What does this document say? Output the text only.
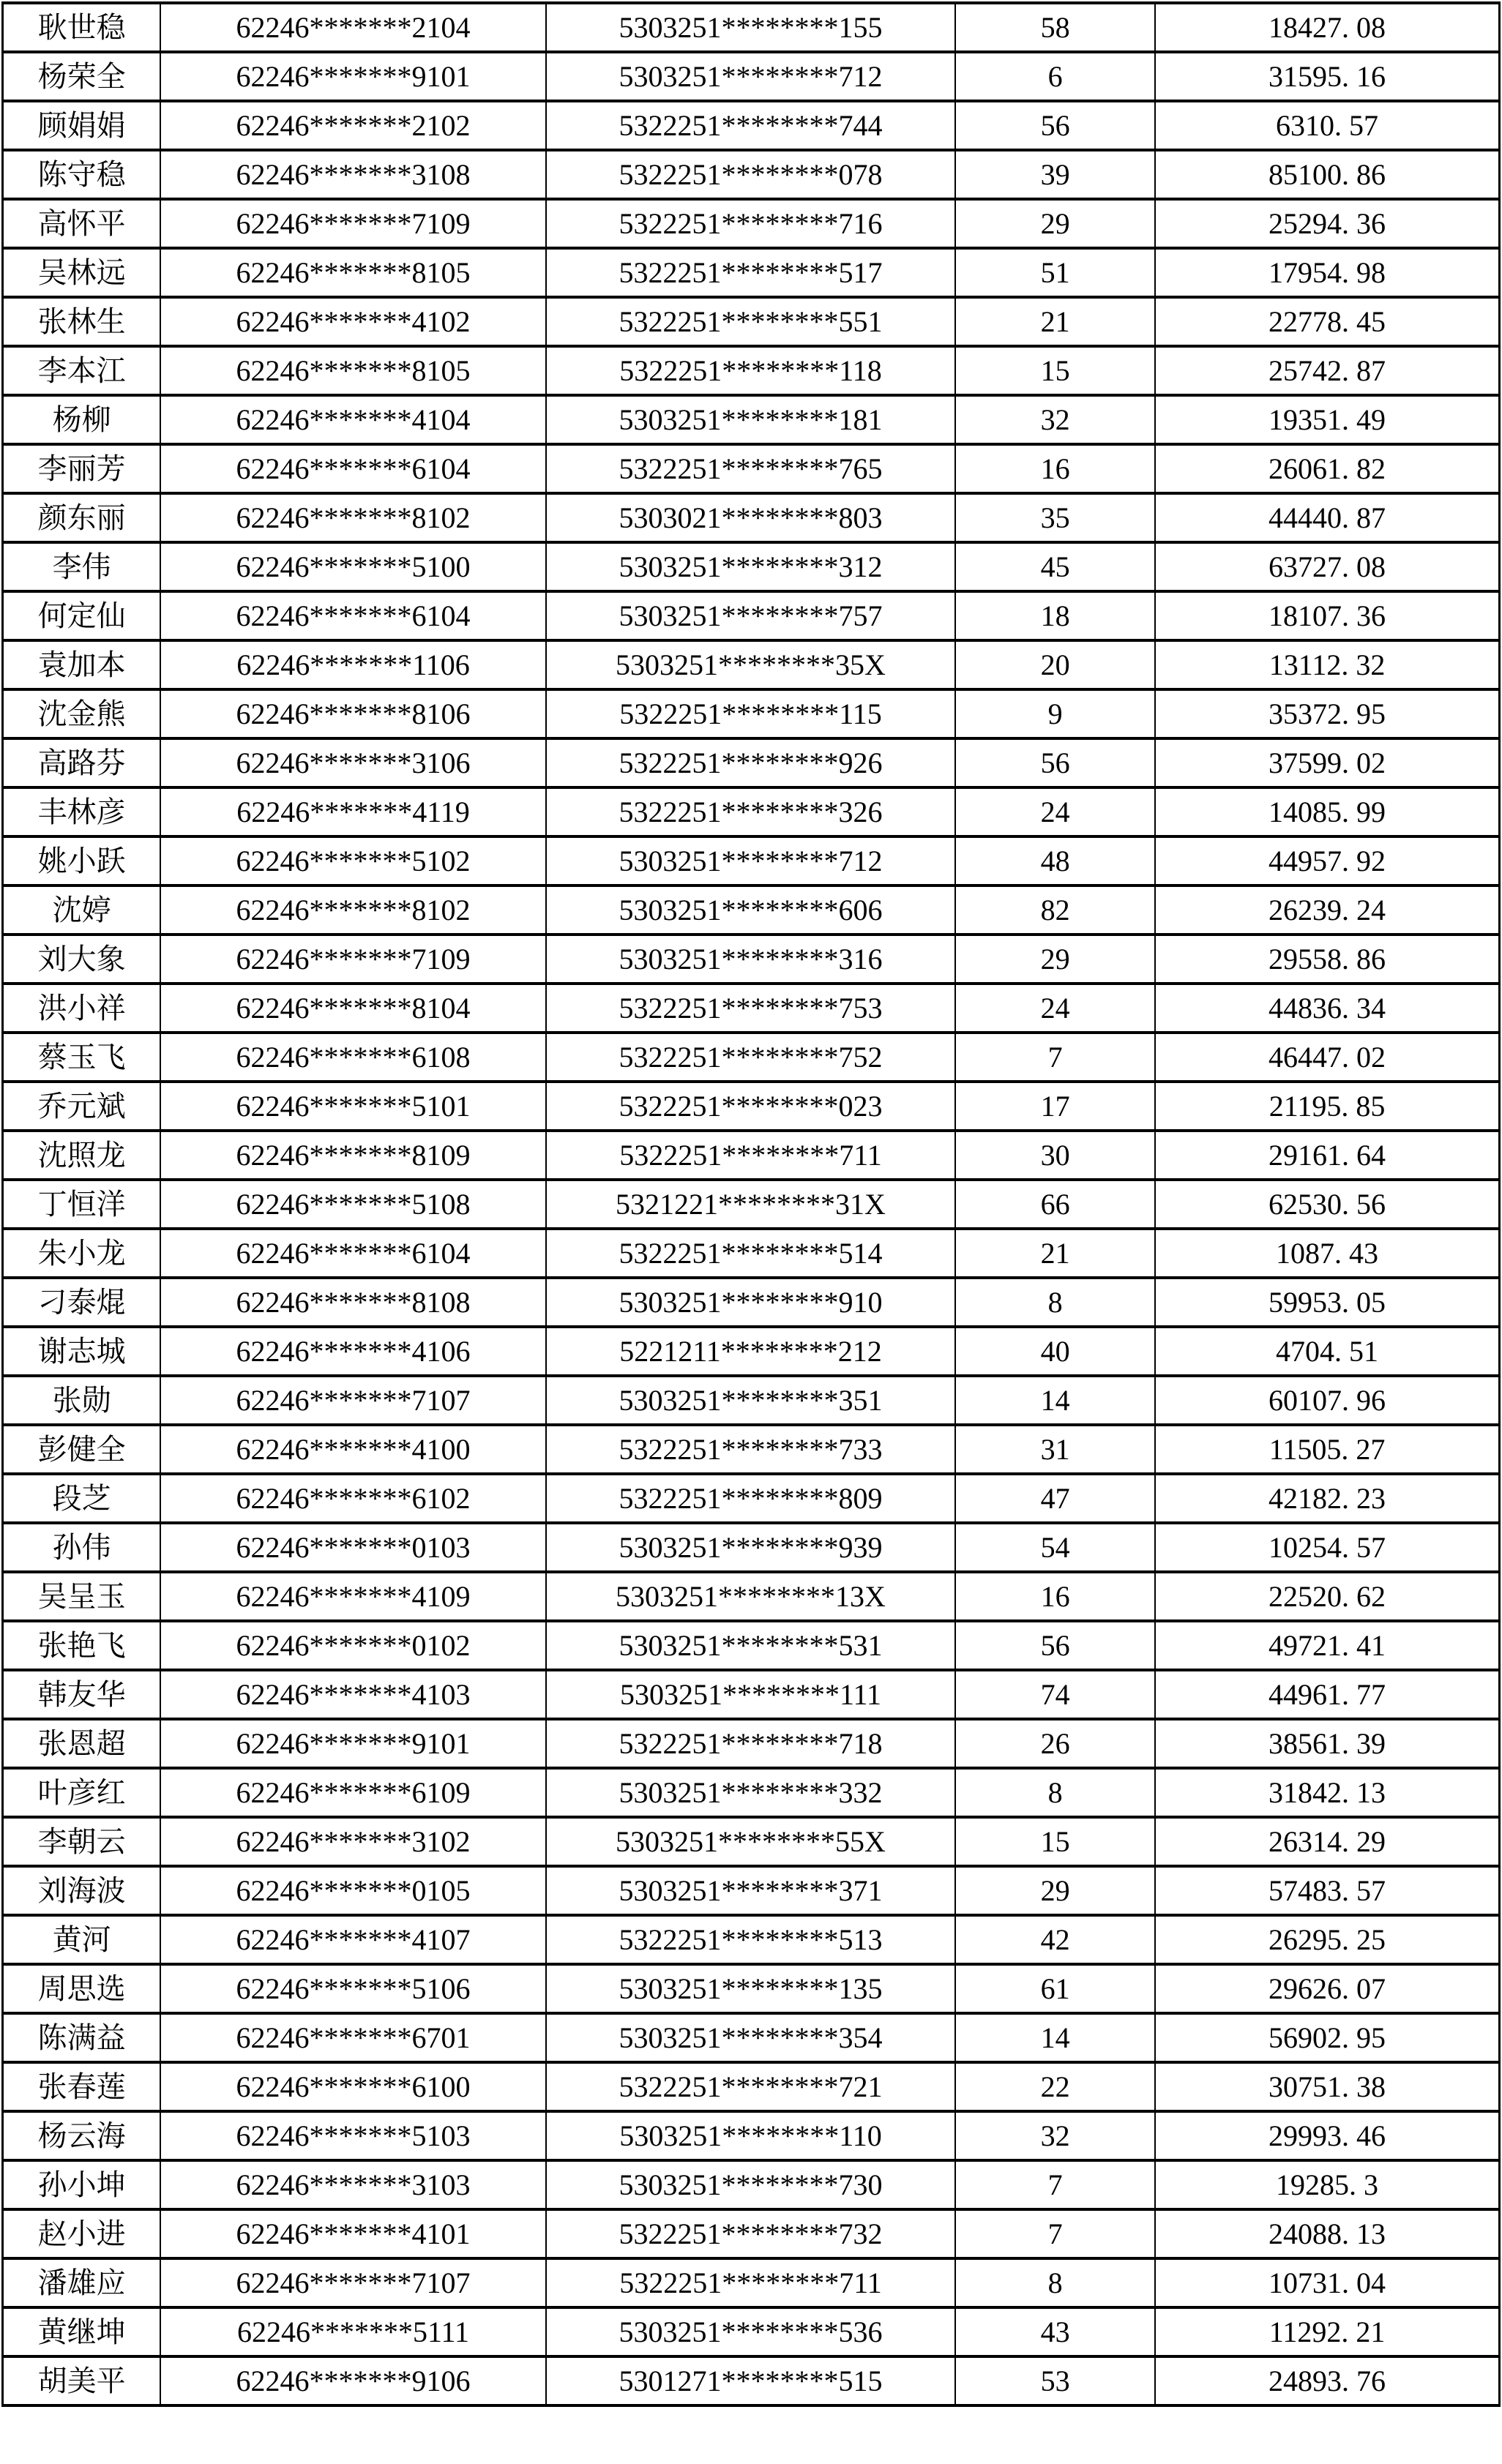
耿世稳	62246*******2104	5303251********155	58	18427. 08
杨荣全	62246*******9101	5303251********712	6	31595. 16
顾娟娟	62246*******2102	5322251********744	56	6310. 57
陈守稳	62246*******3108	5322251********078	39	85100. 86
高怀平	62246*******7109	5322251********716	29	25294. 36
吴林远	62246*******8105	5322251********517	51	17954. 98
张林生	62246*******4102	5322251********551	21	22778. 45
李本江	62246*******8105	5322251********118	15	25742. 87
杨柳	62246*******4104	5303251********181	32	19351. 49
李丽芳	62246*******6104	5322251********765	16	26061. 82
颜东丽	62246*******8102	5303021********803	35	44440. 87
李伟	62246*******5100	5303251********312	45	63727. 08
何定仙	62246*******6104	5303251********757	18	18107. 36
袁加本	62246*******1106	5303251********35X	20	13112. 32
沈金熊	62246*******8106	5322251********115	9	35372. 95
高路芬	62246*******3106	5322251********926	56	37599. 02
丰林彦	62246*******4119	5322251********326	24	14085. 99
姚小跃	62246*******5102	5303251********712	48	44957. 92
沈婷	62246*******8102	5303251********606	82	26239. 24
刘大象	62246*******7109	5303251********316	29	29558. 86
洪小祥	62246*******8104	5322251********753	24	44836. 34
蔡玉飞	62246*******6108	5322251********752	7	46447. 02
乔元斌	62246*******5101	5322251********023	17	21195. 85
沈照龙	62246*******8109	5322251********711	30	29161. 64
丁恒洋	62246*******5108	5321221********31X	66	62530. 56
朱小龙	62246*******6104	5322251********514	21	1087. 43
刁泰焜	62246*******8108	5303251********910	8	59953. 05
谢志城	62246*******4106	5221211********212	40	4704. 51
张勋	62246*******7107	5303251********351	14	60107. 96
彭健全	62246*******4100	5322251********733	31	11505. 27
段芝	62246*******6102	5322251********809	47	42182. 23
孙伟	62246*******0103	5303251********939	54	10254. 57
吴呈玉	62246*******4109	5303251********13X	16	22520. 62
张艳飞	62246*******0102	5303251********531	56	49721. 41
韩友华	62246*******4103	5303251********111	74	44961. 77
张恩超	62246*******9101	5322251********718	26	38561. 39
叶彦红	62246*******6109	5303251********332	8	31842. 13
李朝云	62246*******3102	5303251********55X	15	26314. 29
刘海波	62246*******0105	5303251********371	29	57483. 57
黄河	62246*******4107	5322251********513	42	26295. 25
周思选	62246*******5106	5303251********135	61	29626. 07
陈满益	62246*******6701	5303251********354	14	56902. 95
张春莲	62246*******6100	5322251********721	22	30751. 38
杨云海	62246*******5103	5303251********110	32	29993. 46
孙小坤	62246*******3103	5303251********730	7	19285. 3
赵小进	62246*******4101	5322251********732	7	24088. 13
潘雄应	62246*******7107	5322251********711	8	10731. 04
黄继坤	62246*******5111	5303251********536	43	11292. 21
胡美平	62246*******9106	5301271********515	53	24893. 76
